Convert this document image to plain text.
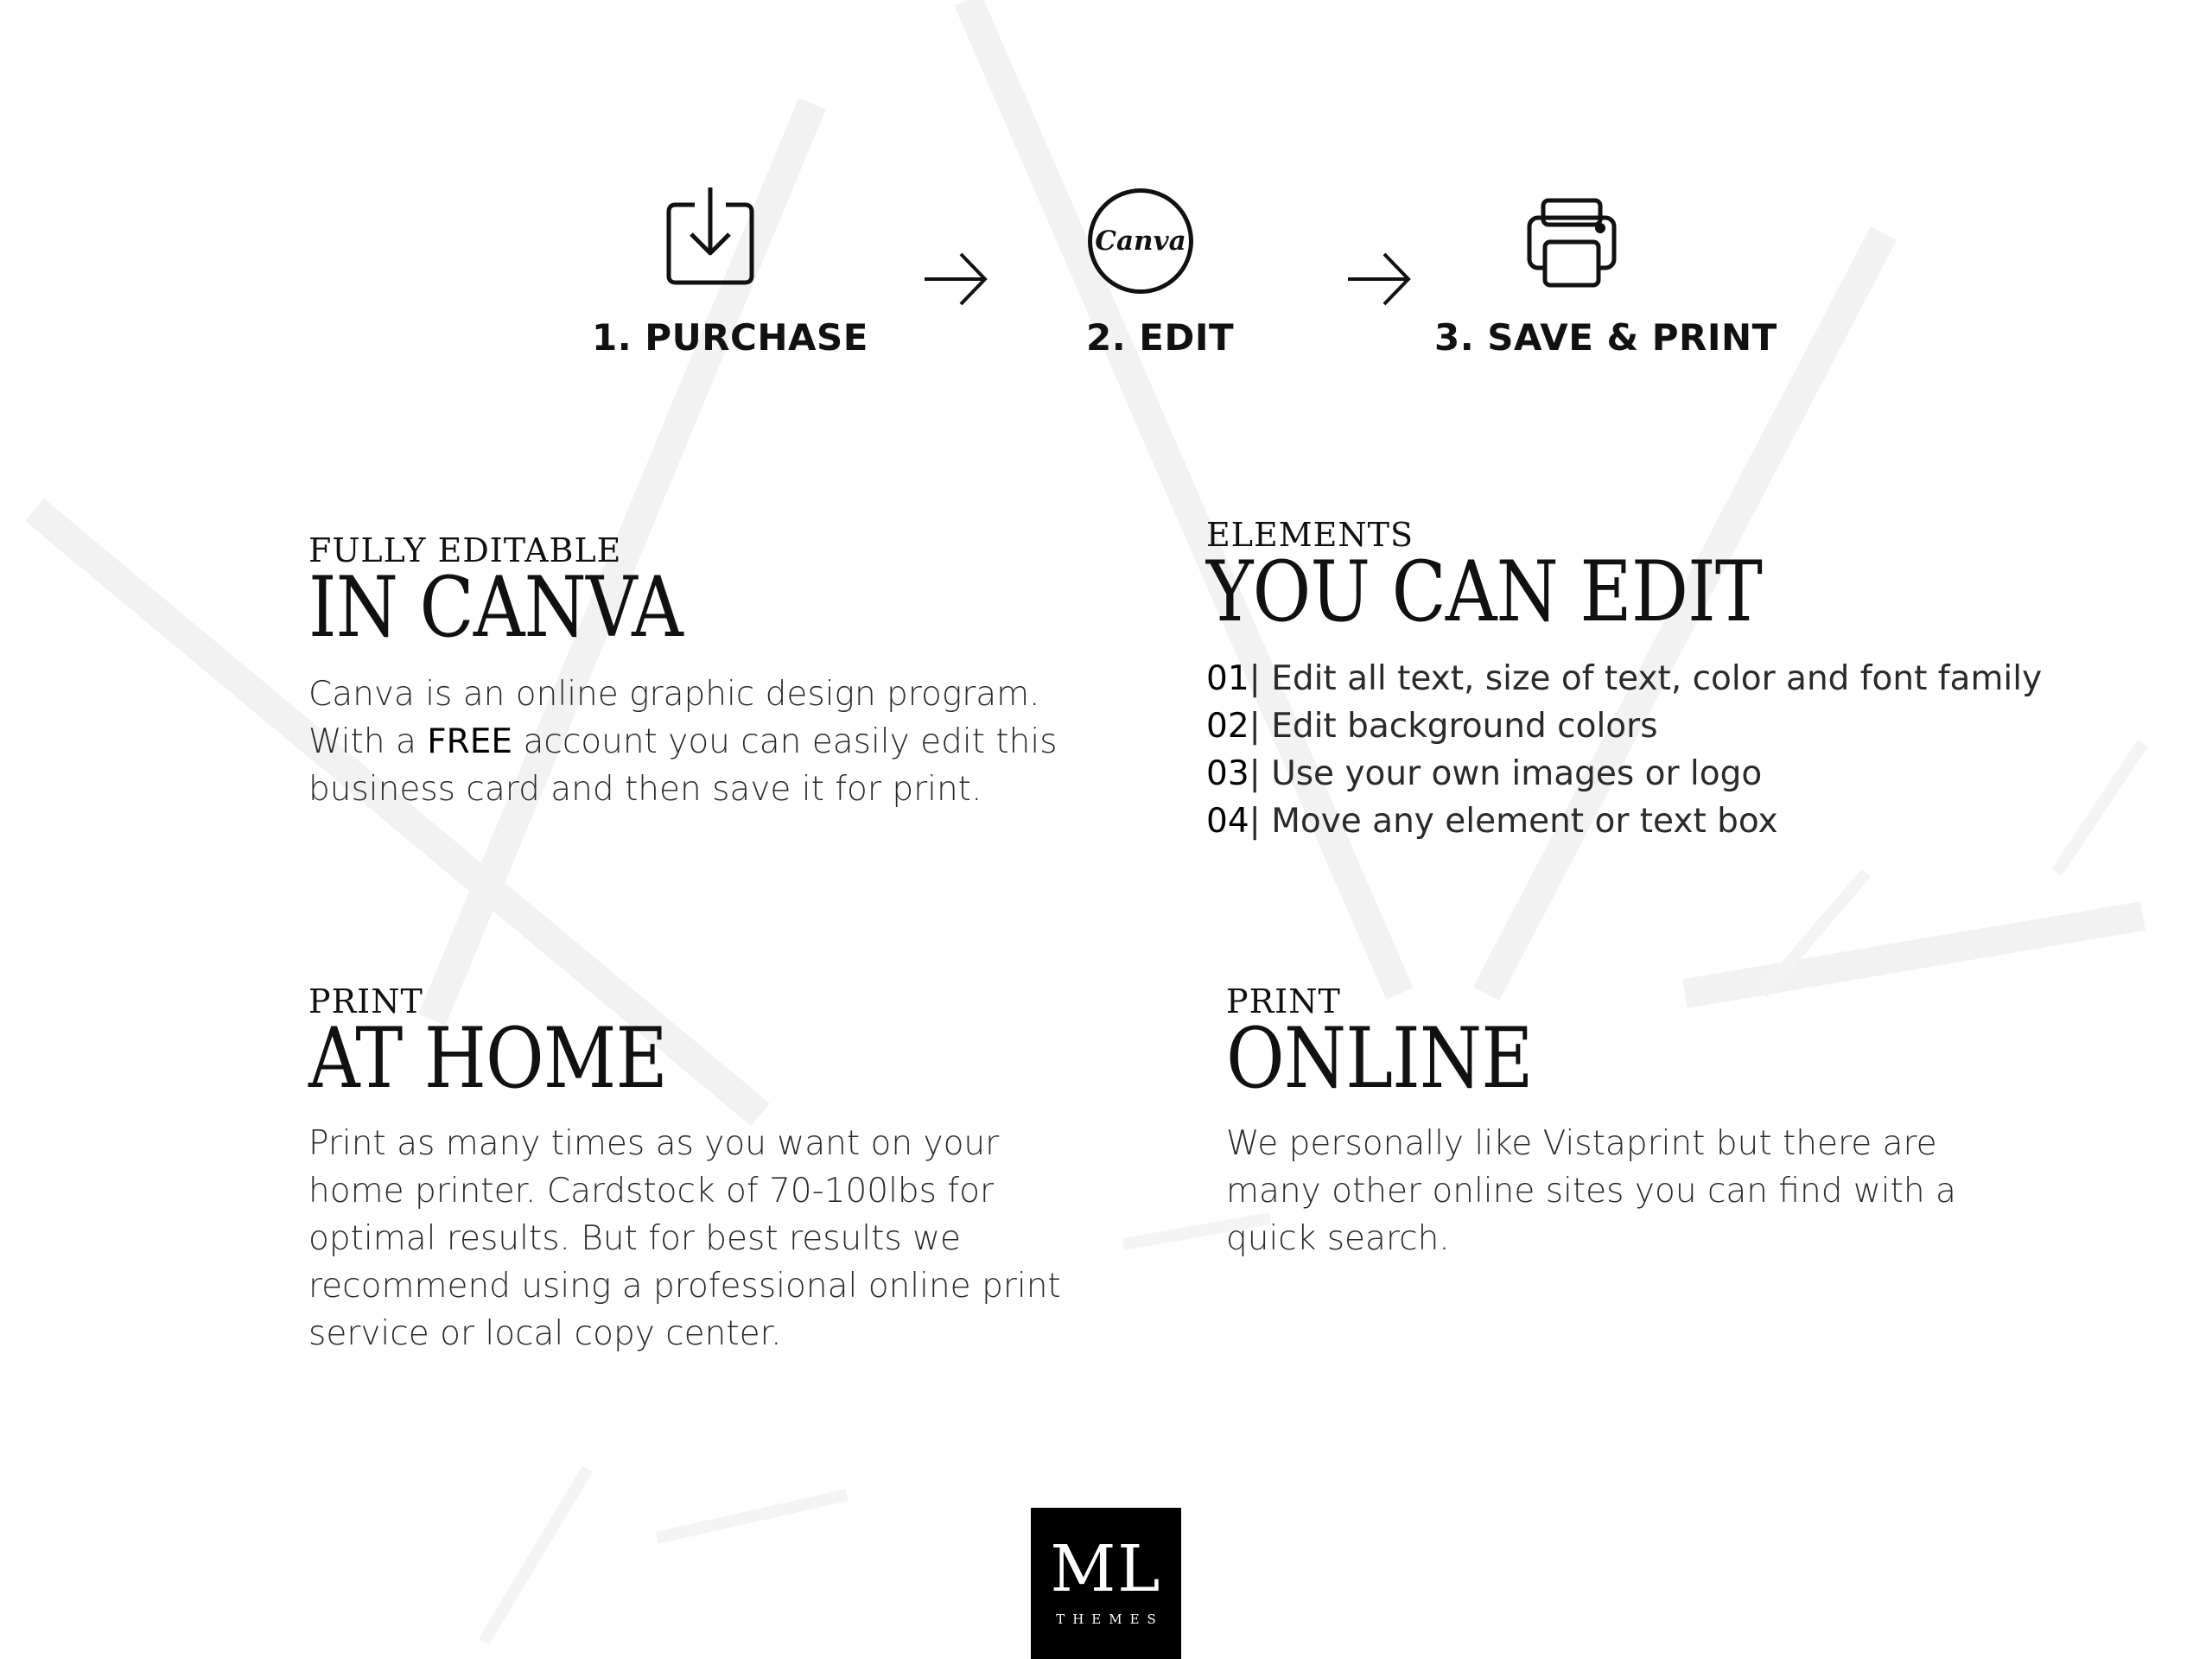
Canva
1. PURCHASE	2. EDIT	3. SAVE & PRINT
FULLY EDITABLE
IN CANVA
Canva is an online graphic design program. With a FREE account you can easily edit this business card and then save it for print.
ELEMENTS
YOU CAN EDIT
01| Edit all text, size of text, color and font family
02| Edit background colors
03| Use your own images or logo
04| Move any element or text box
PRINT
AT HOME
Print as many times as you want on your home printer. Cardstock of 70-100lbs for optimal results. But for best results we recommend using a professional online print service or local copy center.
PRINT
ONLINE
We personally like Vistaprint but there are many other online sites you can find with a quick search.
ML
THEMES
